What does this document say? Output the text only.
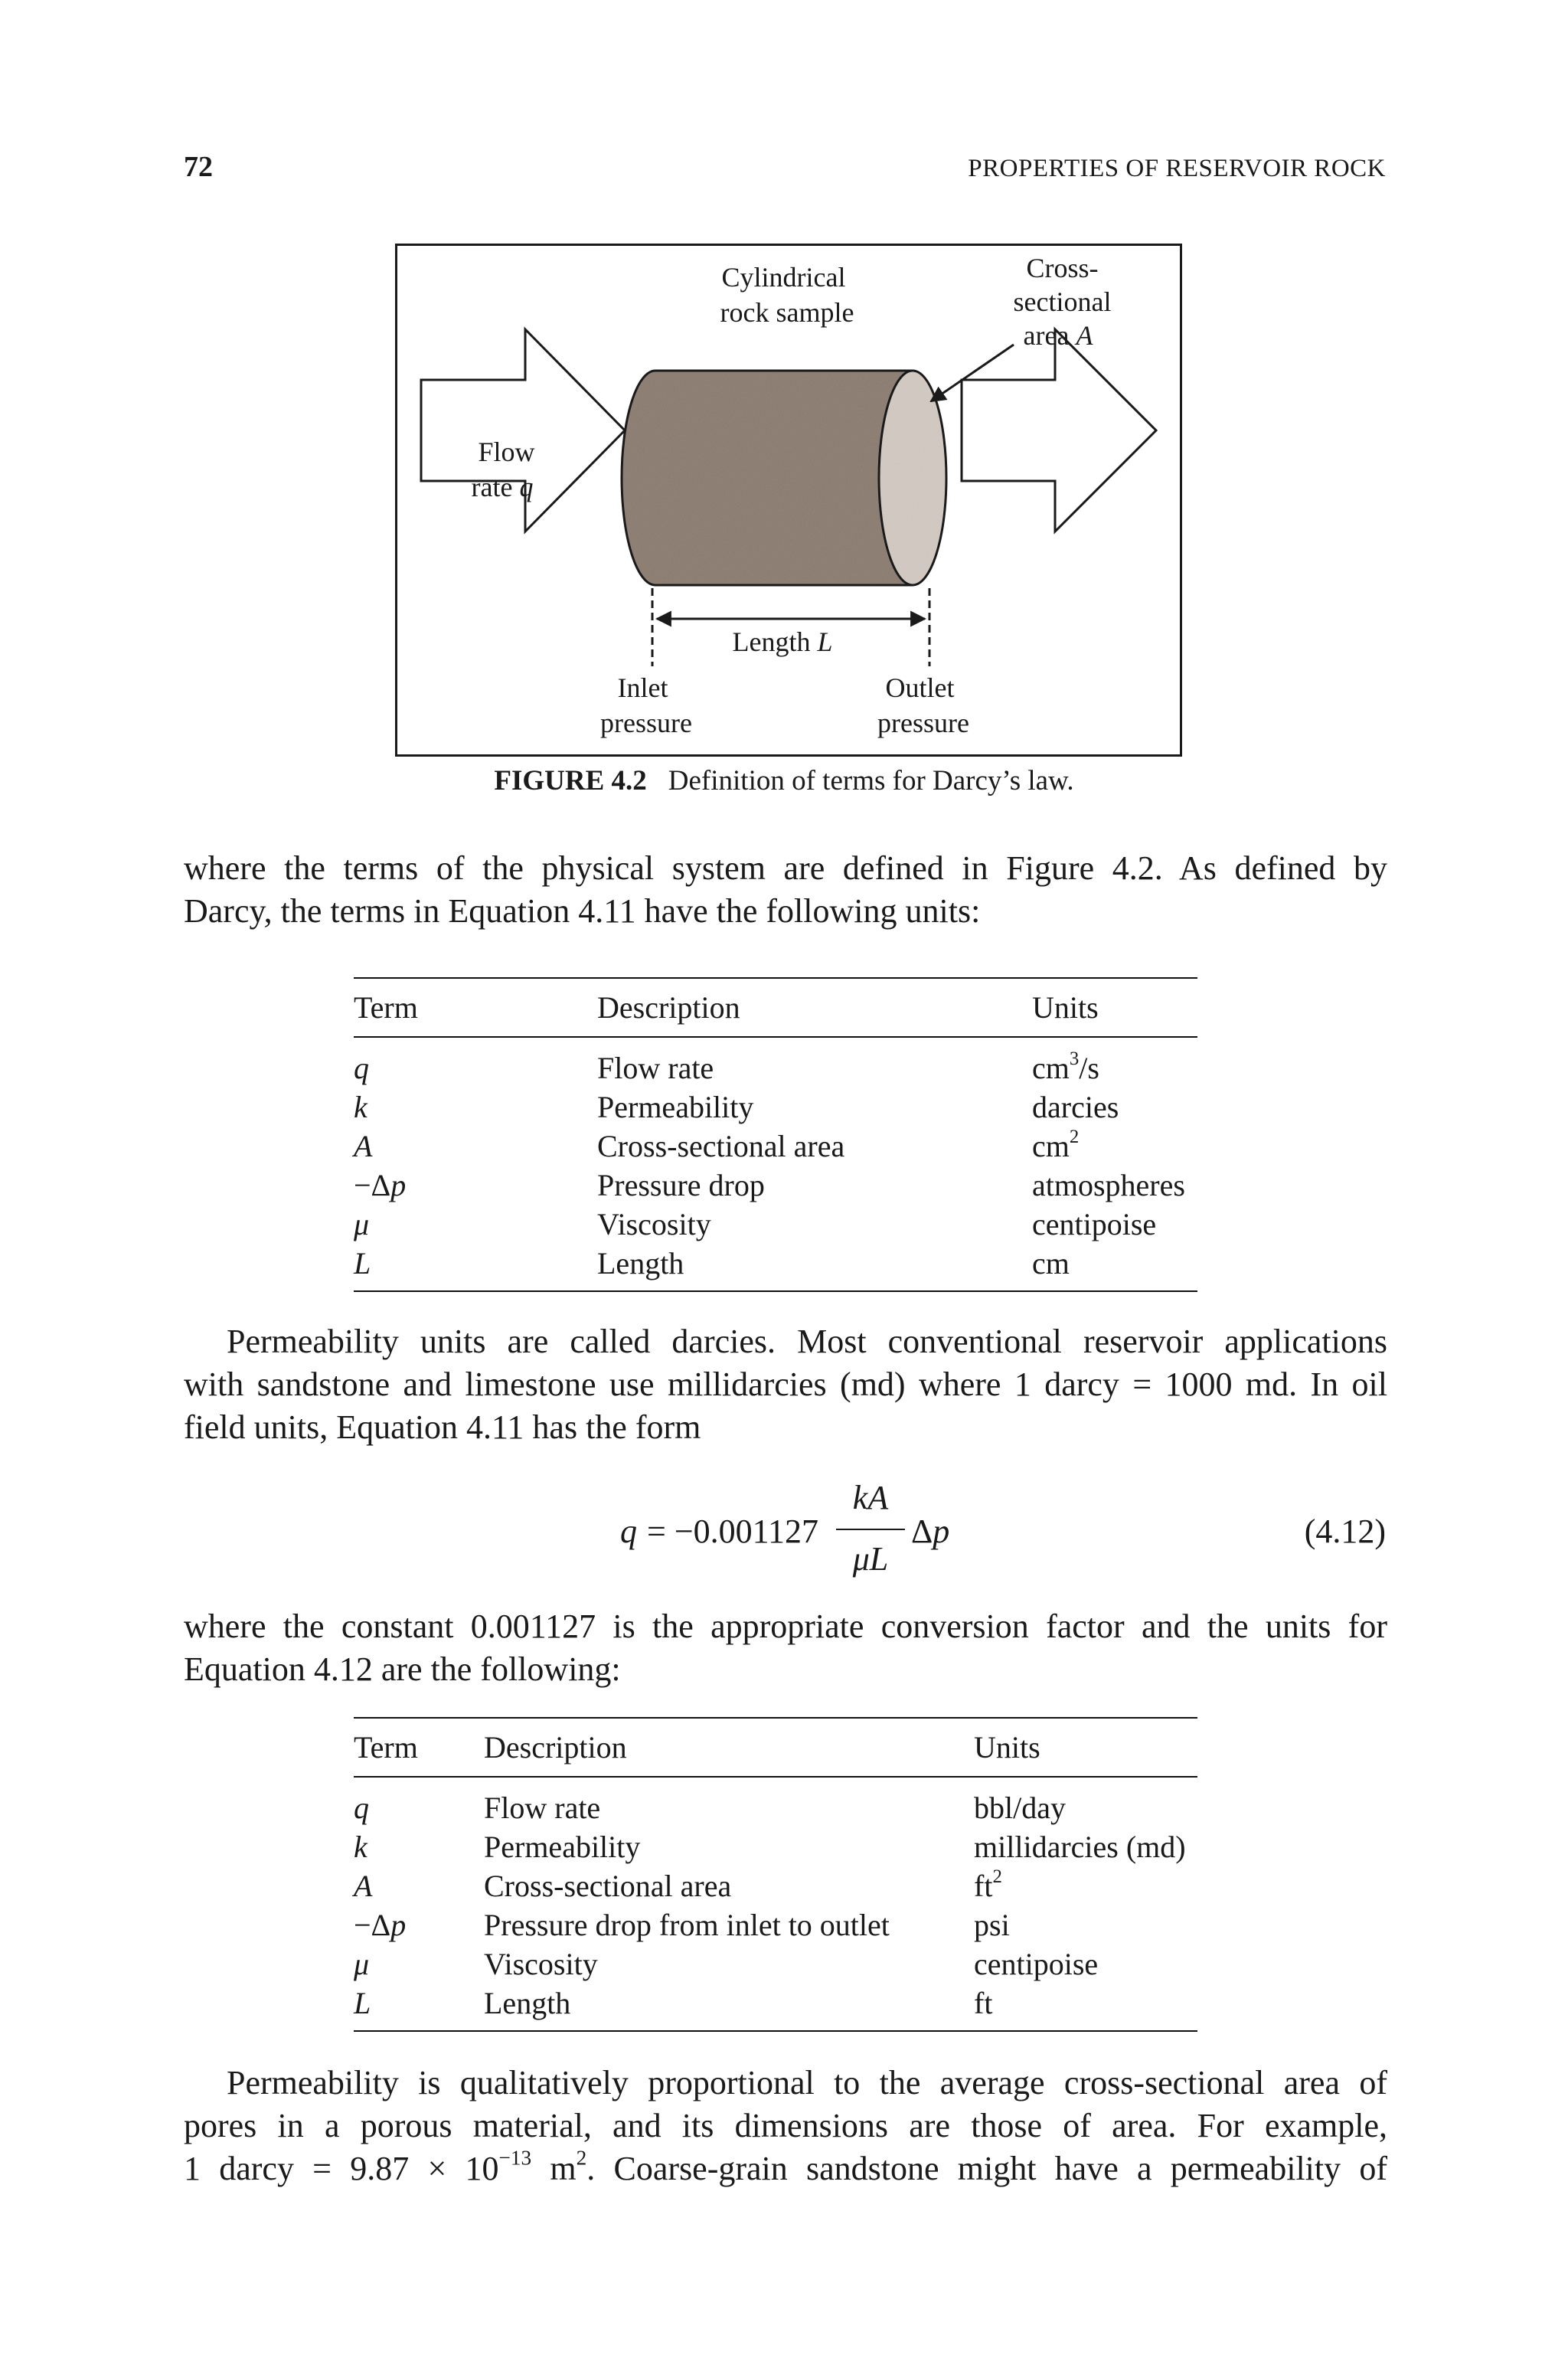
72	PROPERTIES OF RESERVOIR ROCK
Cylindrical rock sample
Cross- sectional area A
Flow rate q
Length L
Inlet pressure
Outlet pressure
FIGURE 4.2 Definition of terms for Darcy’s law.
where the terms of the physical system are defined in Figure 4.2. As defined by
Darcy, the terms in Equation 4.11 have the following units:
Term	Description	Units
q	Flow rate	$cm^3/s$
k	Permeability	darcies
A	Cross-sectional area	$cm^2$
−Δp	Pressure drop	atmospheres
μ	Viscosity	centipoise
L	Length	cm
Permeability units are called darcies. Most conventional reservoir applications
with sandstone and limestone use millidarcies (md) where 1 darcy = 1000 md. In oil
field units, Equation 4.11 has the form
q = −0.001127
kA
μL
Δp	(4.12)
where the constant 0.001127 is the appropriate conversion factor and the units for
Equation 4.12 are the following:
Term	Description	Units
q	Flow rate	bbl/day
k	Permeability	millidarcies (md)
A	Cross-sectional area	$ft^2$
−Δp	Pressure drop from inlet to outlet	psi
μ	Viscosity	centipoise
L	Length	ft
Permeability is qualitatively proportional to the average cross-sectional area of
pores in a porous material, and its dimensions are those of area. For example,
1 darcy = $9.87 \times 10^{-13}$ $m^2$. Coarse-grain sandstone might have a permeability of
